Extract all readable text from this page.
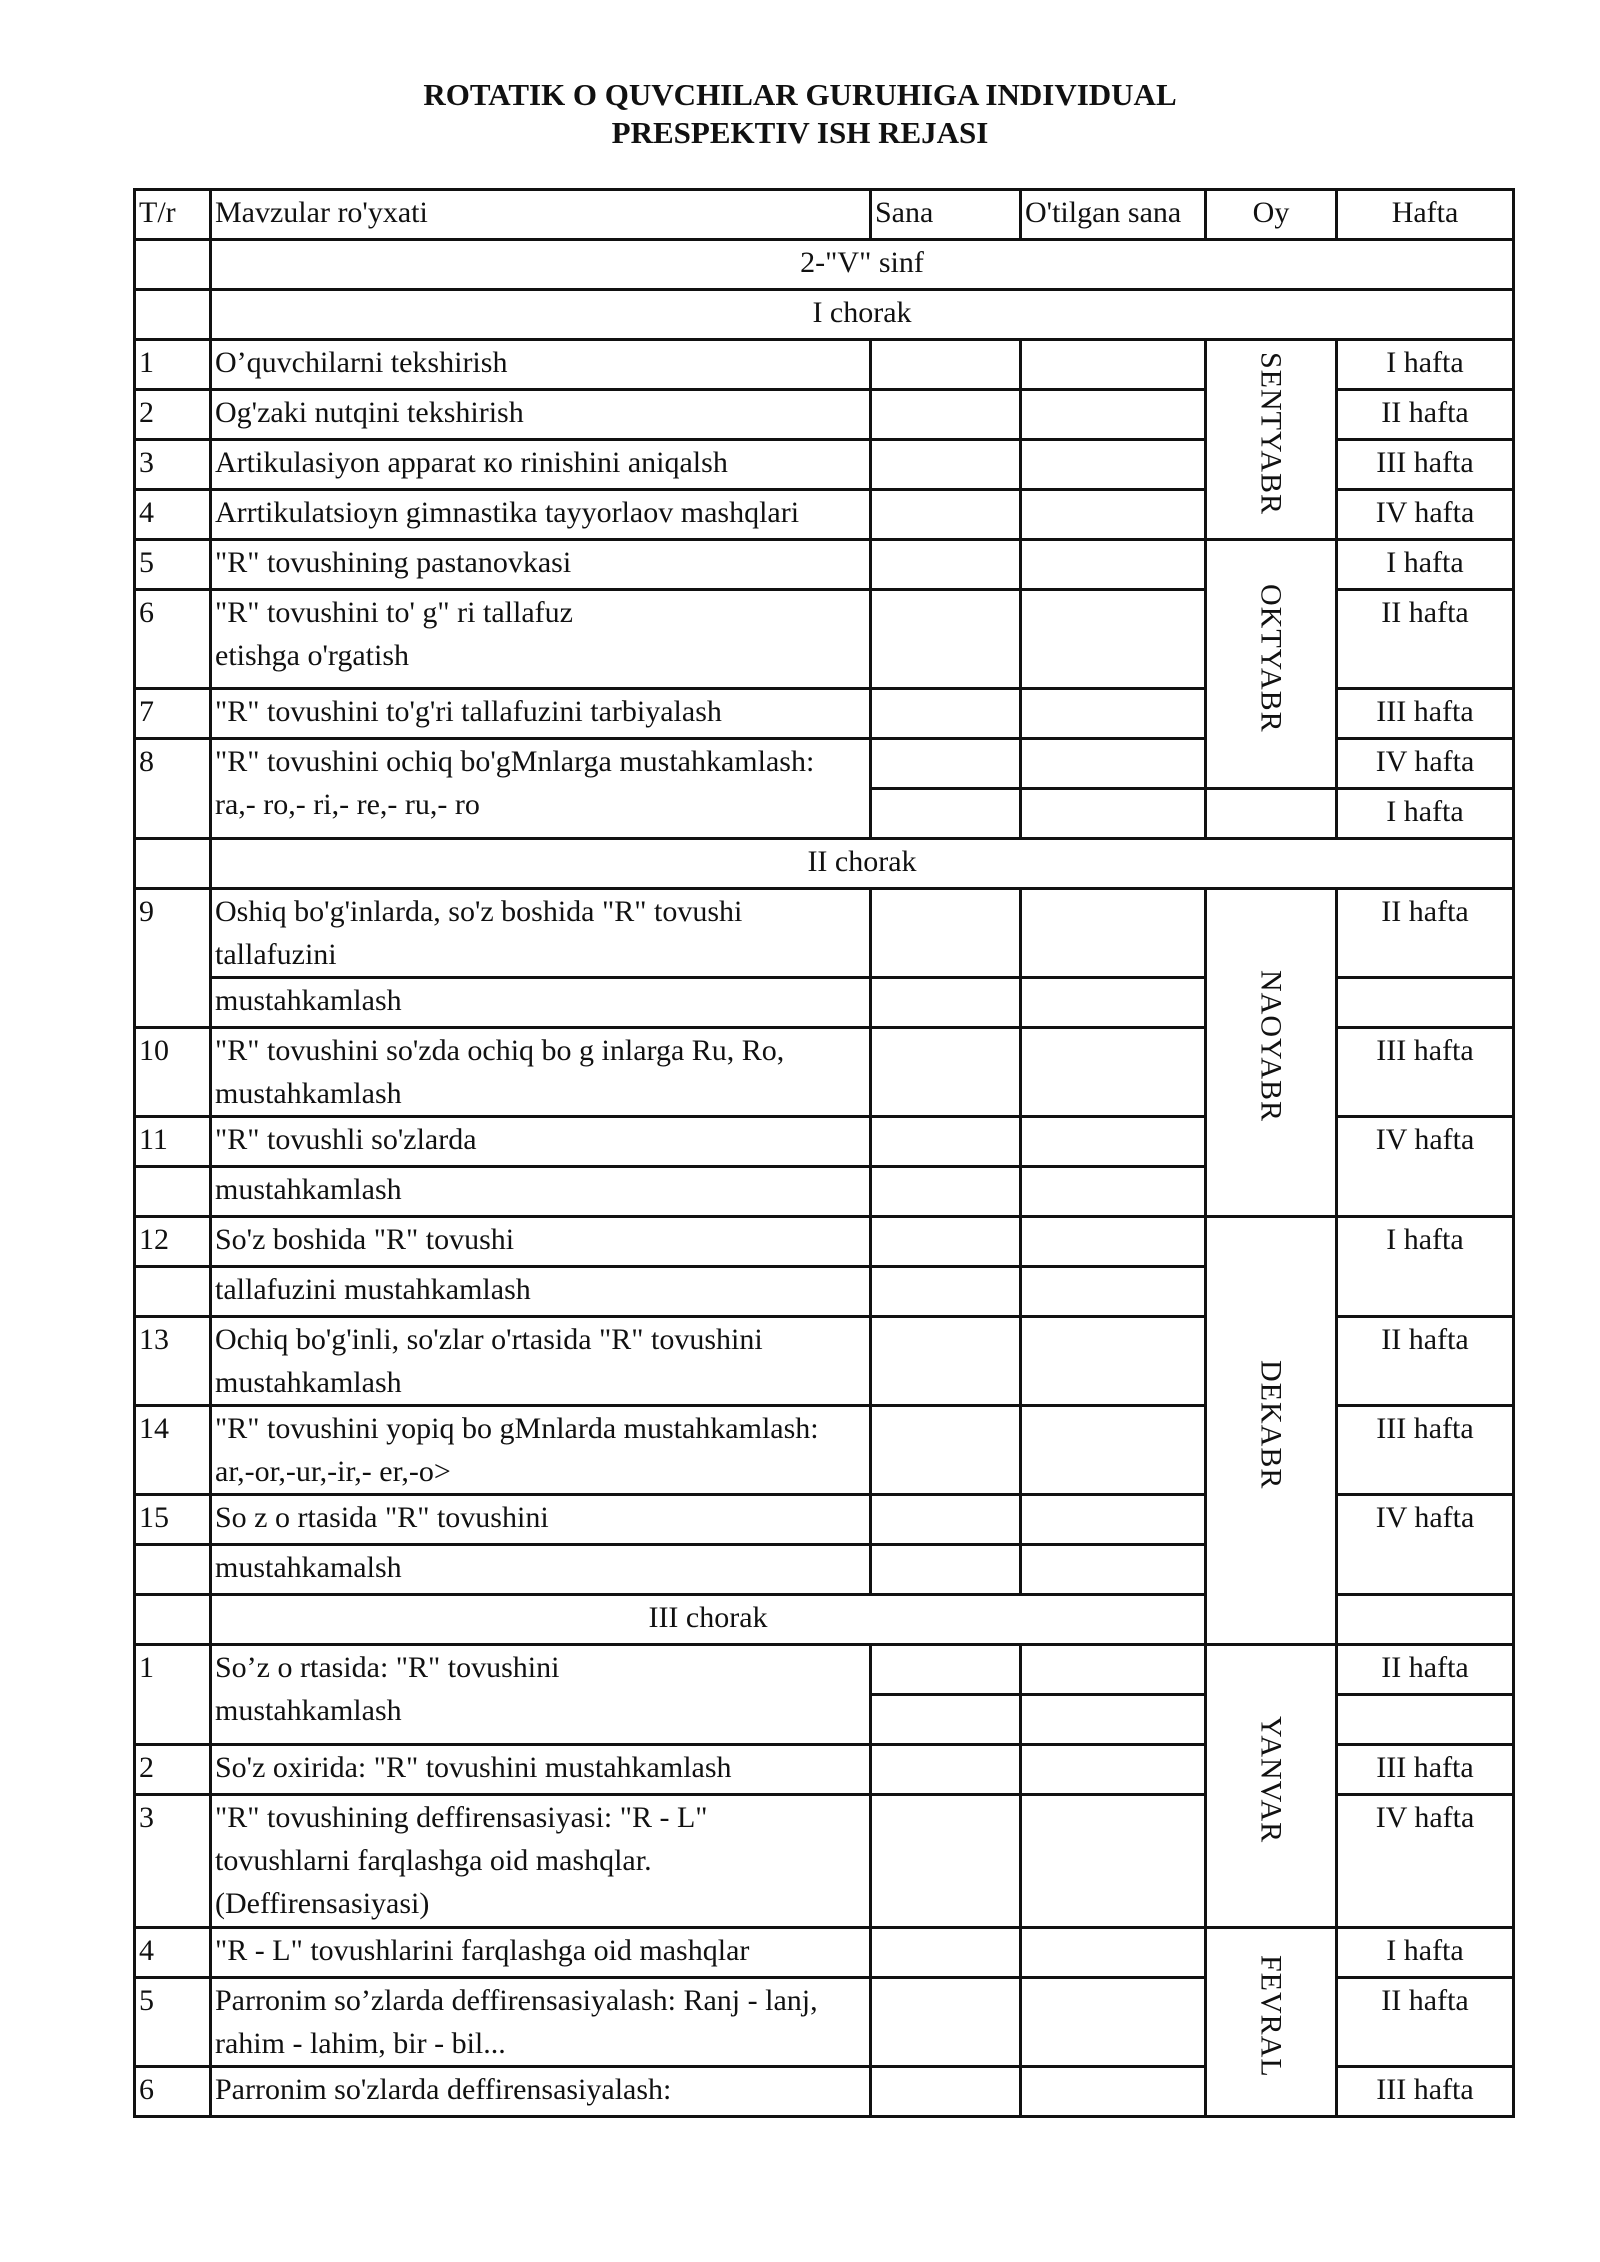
ROTATIK O QUVCHILAR GURUHIGA INDIVIDUAL
PRESPEKTIV ISH REJASI
T/r	Mavzular ro'yxati	Sana	O'tilgan sana	Oy	Hafta
	2-"V" sinf				
	I chorak				
1	O’quvchilarni tekshirish			SENTYABR	I hafta
2	Og'zaki nutqini tekshirish				II hafta
3	Artikulasiyon apparat кo rinishini aniqalsh				III hafta
4	Arrtikulatsioyn gimnastika tayyorlaov mashqlari				IV hafta
5	"R" tovushining pastanovkasi			OKTYABR	I hafta
6	"R" tovushini to' g" ri tallafuz
etishga o'rgatish				II hafta
7	"R" tovushini to'g'ri tallafuzini tarbiyalash				III hafta
8	"R" tovushini ochiq bo'gMnlarga mustahkamlash:
ra,- ro,- ri,- re,- ru,- ro				IV hafta
					I hafta
	II chorak				
9	Oshiq bo'g'inlarda, so'z boshida "R" tovushi
tallafuzini			NAOYABR	II hafta
	mustahkamlash				
10	"R" tovushini so'zda ochiq bo g inlarga Ru, Ro,
mustahkamlash				III hafta
11	"R" tovushli so'zlarda				IV hafta
	mustahkamlash				
12	So'z boshida "R" tovushi			DEKABR	I hafta
	tallafuzini mustahkamlash				
13	Ochiq bo'g'inli, so'zlar o'rtasida "R" tovushini
mustahkamlash				II hafta
14	"R" tovushini yopiq bo gMnlarda mustahkamlash:
ar,-or,-ur,-ir,- er,-o>				III hafta
15	So z o rtasida "R" tovushini				IV hafta
	mustahkamalsh				
	III chorak				
1	So’z o rtasida: "R" tovushini
mustahkamlash			YANVAR	II hafta

2	So'z oxirida: "R" tovushini mustahkamlash				III hafta
3	"R" tovushining deffirensasiyasi: "R - L"
tovushlarni farqlashga oid mashqlar.
(Deffirensasiyasi)				IV hafta
4	"R - L" tovushlarini farqlashga oid mashqlar			FEVRAL	I hafta
5	Parronim so’zlarda deffirensasiyalash: Ranj - lanj,
rahim - lahim, bir - bil...				II hafta
6	Parronim so'zlarda deffirensasiyalash:				III hafta
